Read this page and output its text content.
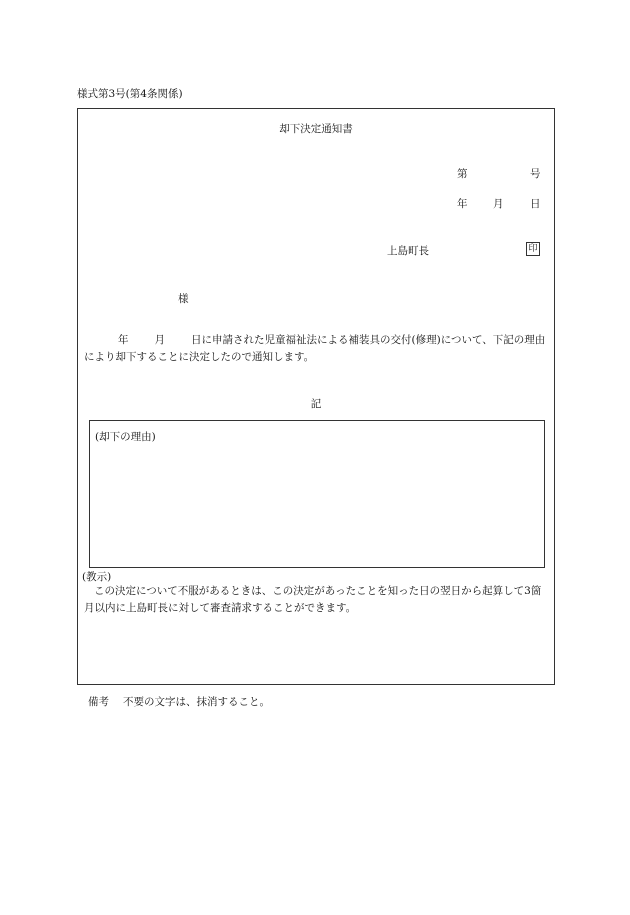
様式第3号(第4条関係)
却下決定通知書
第	号
年 月	日
上島町長	印
様
年 月 日に申請された児童福祉法による補装具の交付(修理)について、下記の理由により却下することに決定したので通知します。
記
(却下の理由)
(教示)
この決定について不服があるときは、この決定があったことを知った日の翌日から起算して3箇月以内に上島町長に対して審査請求することができます。
備考 不要の文字は、抹消すること。
